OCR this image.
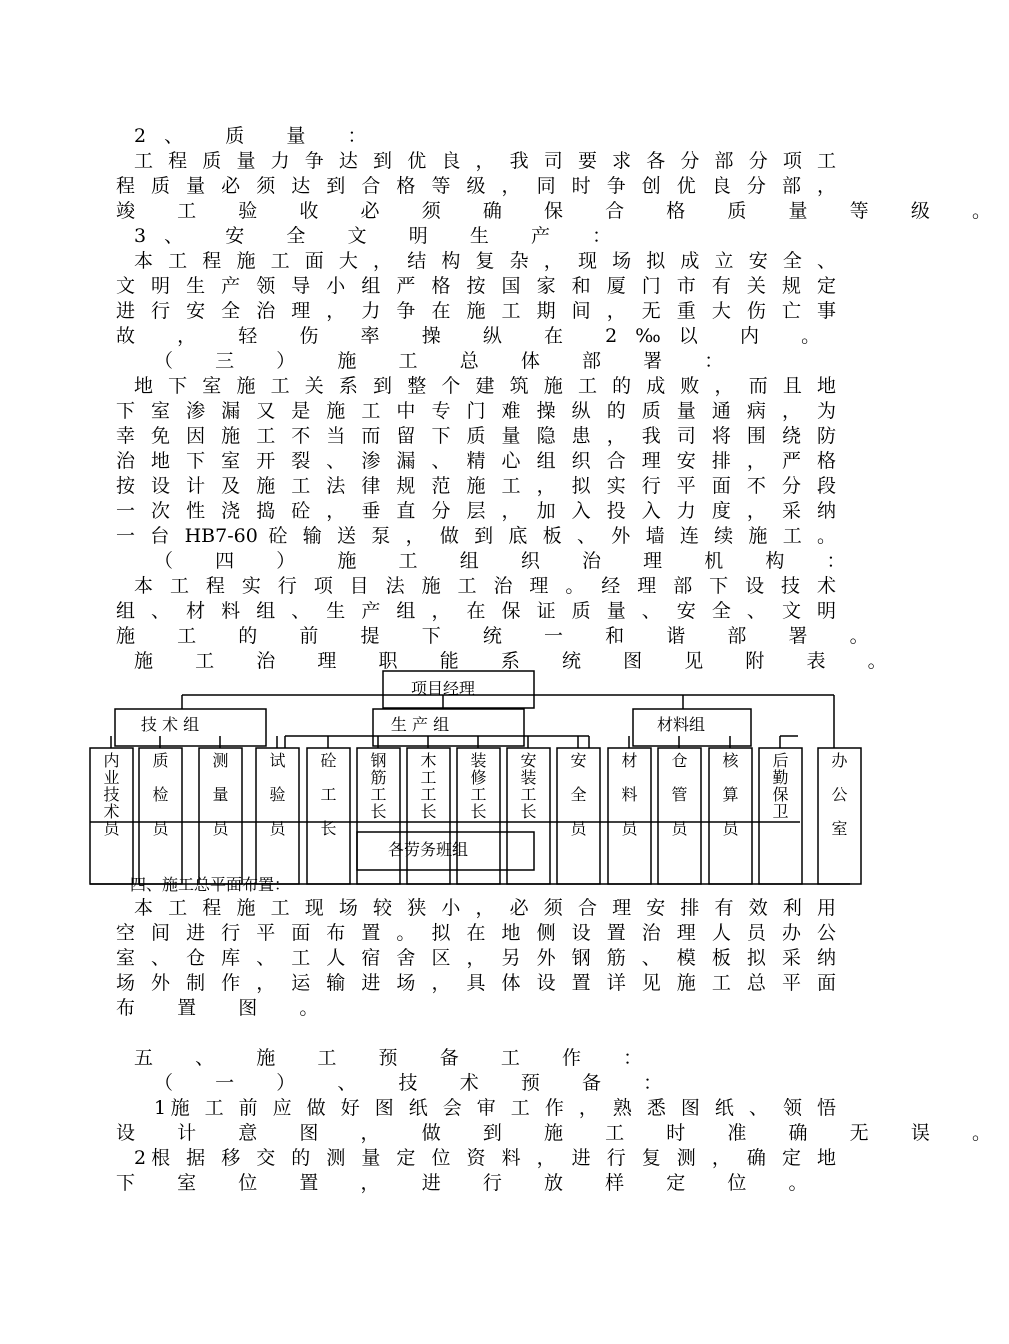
2、 质 量 ：
工 程 质 量 力 争 达 到 优 良 ， 我 司 要 求 各 分 部 分 项 工
程 质 量 必 须 达 到 合 格 等 级 ， 同 时 争 创 优 良 分 部 ，
竣 工 验 收 必 须 确 保 合 格 质 量 等 级 。
3、 安 全 文 明 生 产 ：
本 工 程 施 工 面 大 ， 结 构 复 杂 ， 现 场 拟 成 立 安 全 、
文 明 生 产 领 导 小 组 严 格 按 国 家 和 厦 门 市 有 关 规 定
进 行 安 全 治 理 ， 力 争 在 施 工 期 间 ， 无 重 大 伤 亡 事
故 ， 轻 伤 率 操 纵 在 2‰以 内 。
（ 三 ） 施 工 总 体 部 署 ：
地 下 室 施 工 关 系 到 整 个 建 筑 施 工 的 成 败 ， 而 且 地
下 室 渗 漏 又 是 施 工 中 专 门 难 操 纵 的 质 量 通 病 ， 为
幸 免 因 施 工 不 当 而 留 下 质 量 隐 患 ， 我 司 将 围 绕 防
治 地 下 室 开 裂 、 渗 漏 、 精 心 组 织 合 理 安 排 ， 严 格
按 设 计 及 施 工 法 律 规 范 施 工 ， 拟 实 行 平 面 不 分 段
一 次 性 浇 捣 砼 ， 垂 直 分 层 ， 加 入 投 入 力 度 ， 采 纳
一 台 HB7-60 砼 输 送 泵 ， 做 到 底 板 、 外 墙 连 续 施 工 。
（ 四 ） 施 工 组 织 治 理 机 构 ：
本 工 程 实 行 项 目 法 施 工 治 理 。 经 理 部 下 设 技 术
组 、 材 料 组 、 生 产 组 ， 在 保 证 质 量 、 安 全 、 文 明
施 工 的 前 提 下 统 一 和 谐 部 署 。
施 工 治 理 职 能 系 统 图 见 附 表 。
项目经理
技 术 组	生 产 组	材料组
内业技术员
质检员
测量员
试验员
砼工长
钢筋工长
木工工长
装修工长
安装工长
安全员
材料员
仓管员
核算员
后勤保卫
办公室
各劳务班组
四、施工总平面布置：
本 工 程 施 工 现 场 较 狭 小 ， 必 须 合 理 安 排 有 效 利 用
空 间 进 行 平 面 布 置 。 拟 在 地 侧 设 置 治 理 人 员 办 公
室 、 仓 库 、 工 人 宿 舍 区 ， 另 外 钢 筋 、 模 板 拟 采 纳
场 外 制 作 ， 运 输 进 场 ， 具 体 设 置 详 见 施 工 总 平 面
布 置 图 。
五 、 施 工 预 备 工 作 ：
（ 一 ） 、 技 术 预 备 ：
1施 工 前 应 做 好 图 纸 会 审 工 作 ， 熟 悉 图 纸 、 领 悟
设 计 意 图 ， 做 到 施 工 时 准 确 无 误 。
2根 据 移 交 的 测 量 定 位 资 料 ， 进 行 复 测 ， 确 定 地
下 室 位 置 ， 进 行 放 样 定 位 。
